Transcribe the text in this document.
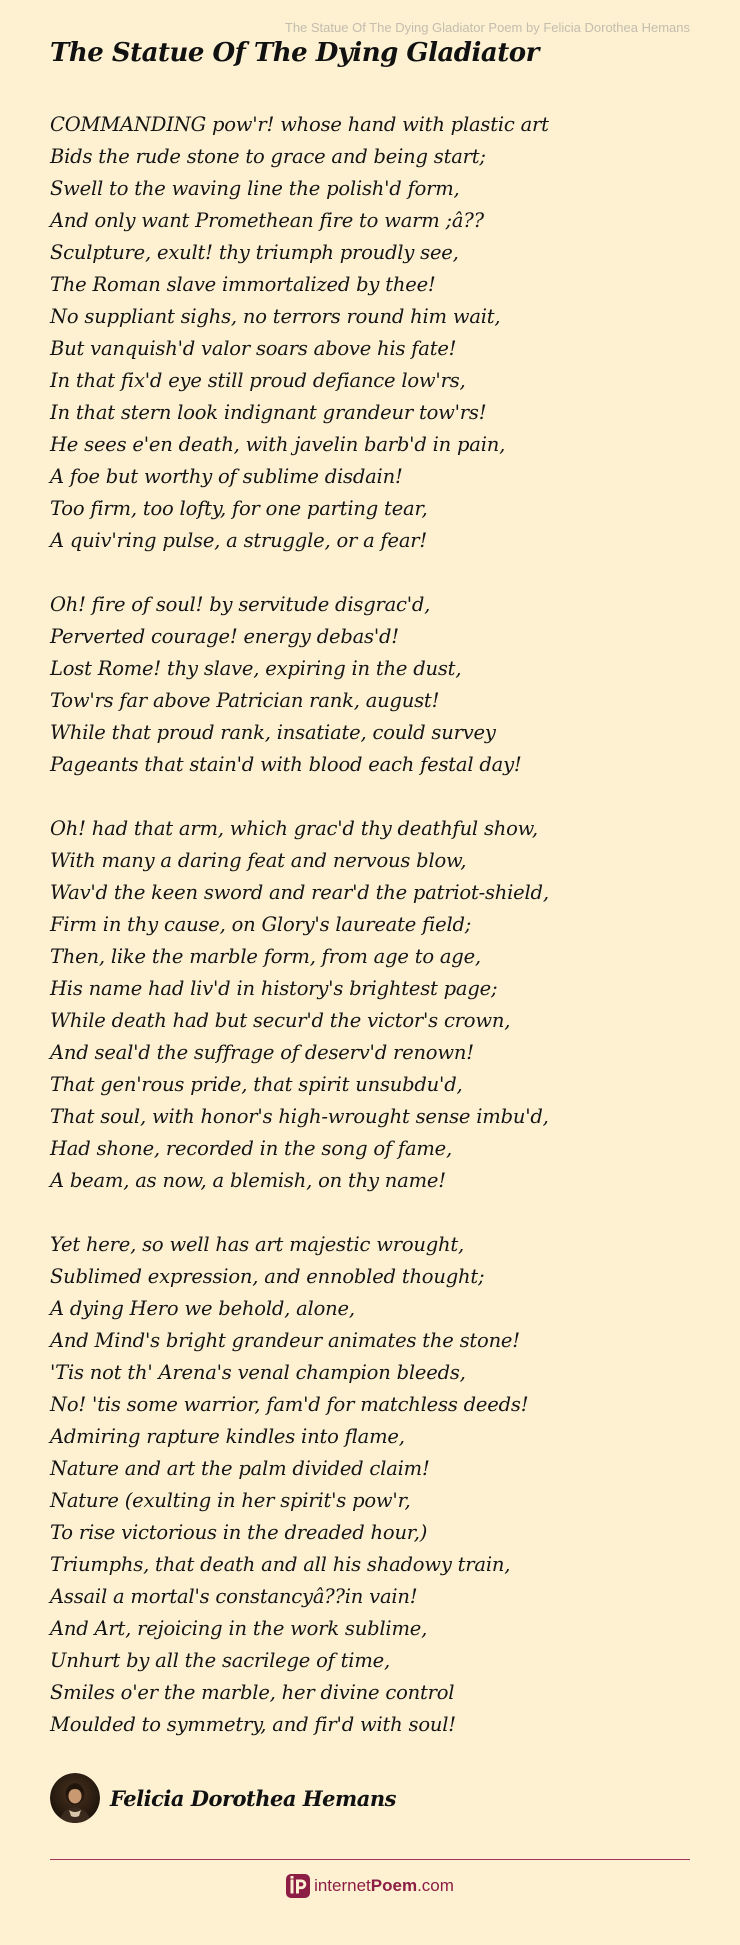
The Statue Of The Dying Gladiator Poem by Felicia Dorothea Hemans
The Statue Of The Dying Gladiator
COMMANDING pow'r! whose hand with plastic art
Bids the rude stone to grace and being start;
Swell to the waving line the polish'd form,
And only want Promethean fire to warm ;â??
Sculpture, exult! thy triumph proudly see,
The Roman slave immortalized by thee!
No suppliant sighs, no terrors round him wait,
But vanquish'd valor soars above his fate!
In that fix'd eye still proud defiance low'rs,
In that stern look indignant grandeur tow'rs!
He sees e'en death, with javelin barb'd in pain,
A foe but worthy of sublime disdain!
Too firm, too lofty, for one parting tear,
A quiv'ring pulse, a struggle, or a fear!
Oh! fire of soul! by servitude disgrac'd,
Perverted courage! energy debas'd!
Lost Rome! thy slave, expiring in the dust,
Tow'rs far above Patrician rank, august!
While that proud rank, insatiate, could survey
Pageants that stain'd with blood each festal day!
Oh! had that arm, which grac'd thy deathful show,
With many a daring feat and nervous blow,
Wav'd the keen sword and rear'd the patriot-shield,
Firm in thy cause, on Glory's laureate field;
Then, like the marble form, from age to age,
His name had liv'd in history's brightest page;
While death had but secur'd the victor's crown,
And seal'd the suffrage of deserv'd renown!
That gen'rous pride, that spirit unsubdu'd,
That soul, with honor's high-wrought sense imbu'd,
Had shone, recorded in the song of fame,
A beam, as now, a blemish, on thy name!
Yet here, so well has art majestic wrought,
Sublimed expression, and ennobled thought;
A dying Hero we behold, alone,
And Mind's bright grandeur animates the stone!
'Tis not th' Arena's venal champion bleeds,
No! 'tis some warrior, fam'd for matchless deeds!
Admiring rapture kindles into flame,
Nature and art the palm divided claim!
Nature (exulting in her spirit's pow'r,
To rise victorious in the dreaded hour,)
Triumphs, that death and all his shadowy train,
Assail a mortal's constancyâ??in vain!
And Art, rejoicing in the work sublime,
Unhurt by all the sacrilege of time,
Smiles o'er the marble, her divine control
Moulded to symmetry, and fir'd with soul!
Felicia Dorothea Hemans
internetPoem.com
